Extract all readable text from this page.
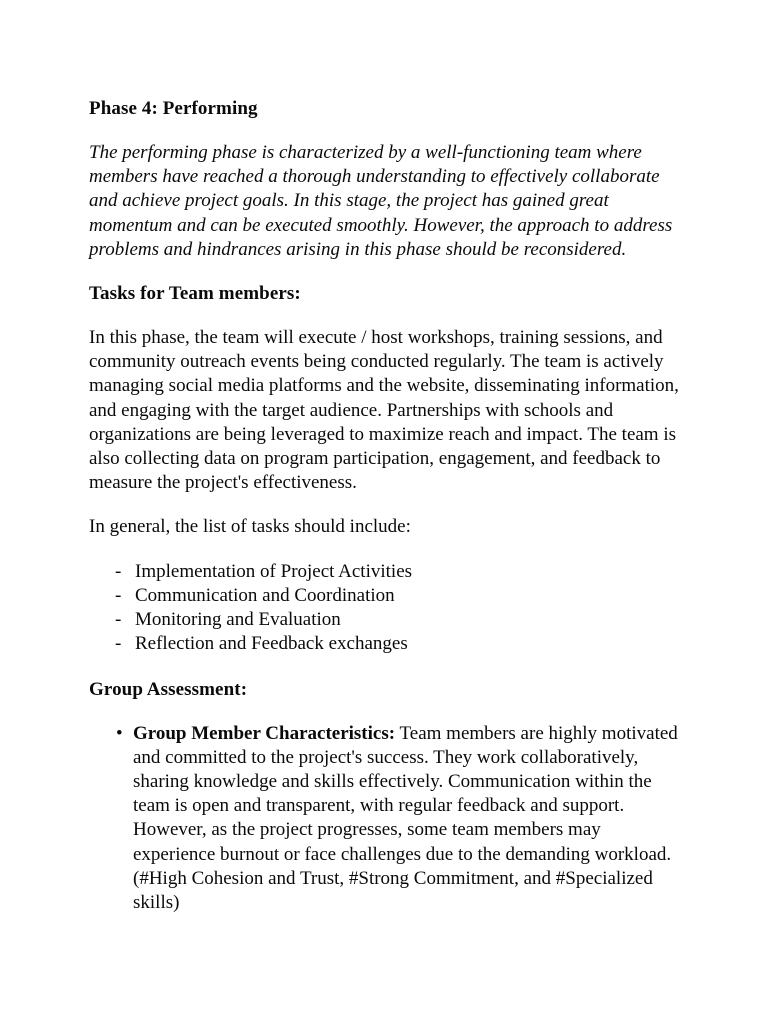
Phase 4: Performing

The performing phase is characterized by a well-functioning team where members have reached a thorough understanding to effectively collaborate and achieve project goals. In this stage, the project has gained great momentum and can be executed smoothly. However, the approach to address problems and hindrances arising in this phase should be reconsidered.

Tasks for Team members:

In this phase, the team will execute / host workshops, training sessions, and community outreach events being conducted regularly. The team is actively managing social media platforms and the website, disseminating information, and engaging with the target audience. Partnerships with schools and organizations are being leveraged to maximize reach and impact. The team is also collecting data on program participation, engagement, and feedback to measure the project's effectiveness.

In general, the list of tasks should include:

- Implementation of Project Activities
- Communication and Coordination
- Monitoring and Evaluation
- Reflection and Feedback exchanges
Group Assessment:
• Group Member Characteristics: Team members are highly motivated and committed to the project's success. They work collaboratively, sharing knowledge and skills effectively. Communication within the team is open and transparent, with regular feedback and support. However, as the project progresses, some team members may experience burnout or face challenges due to the demanding workload. (#High Cohesion and Trust, #Strong Commitment, and #Specialized skills)
